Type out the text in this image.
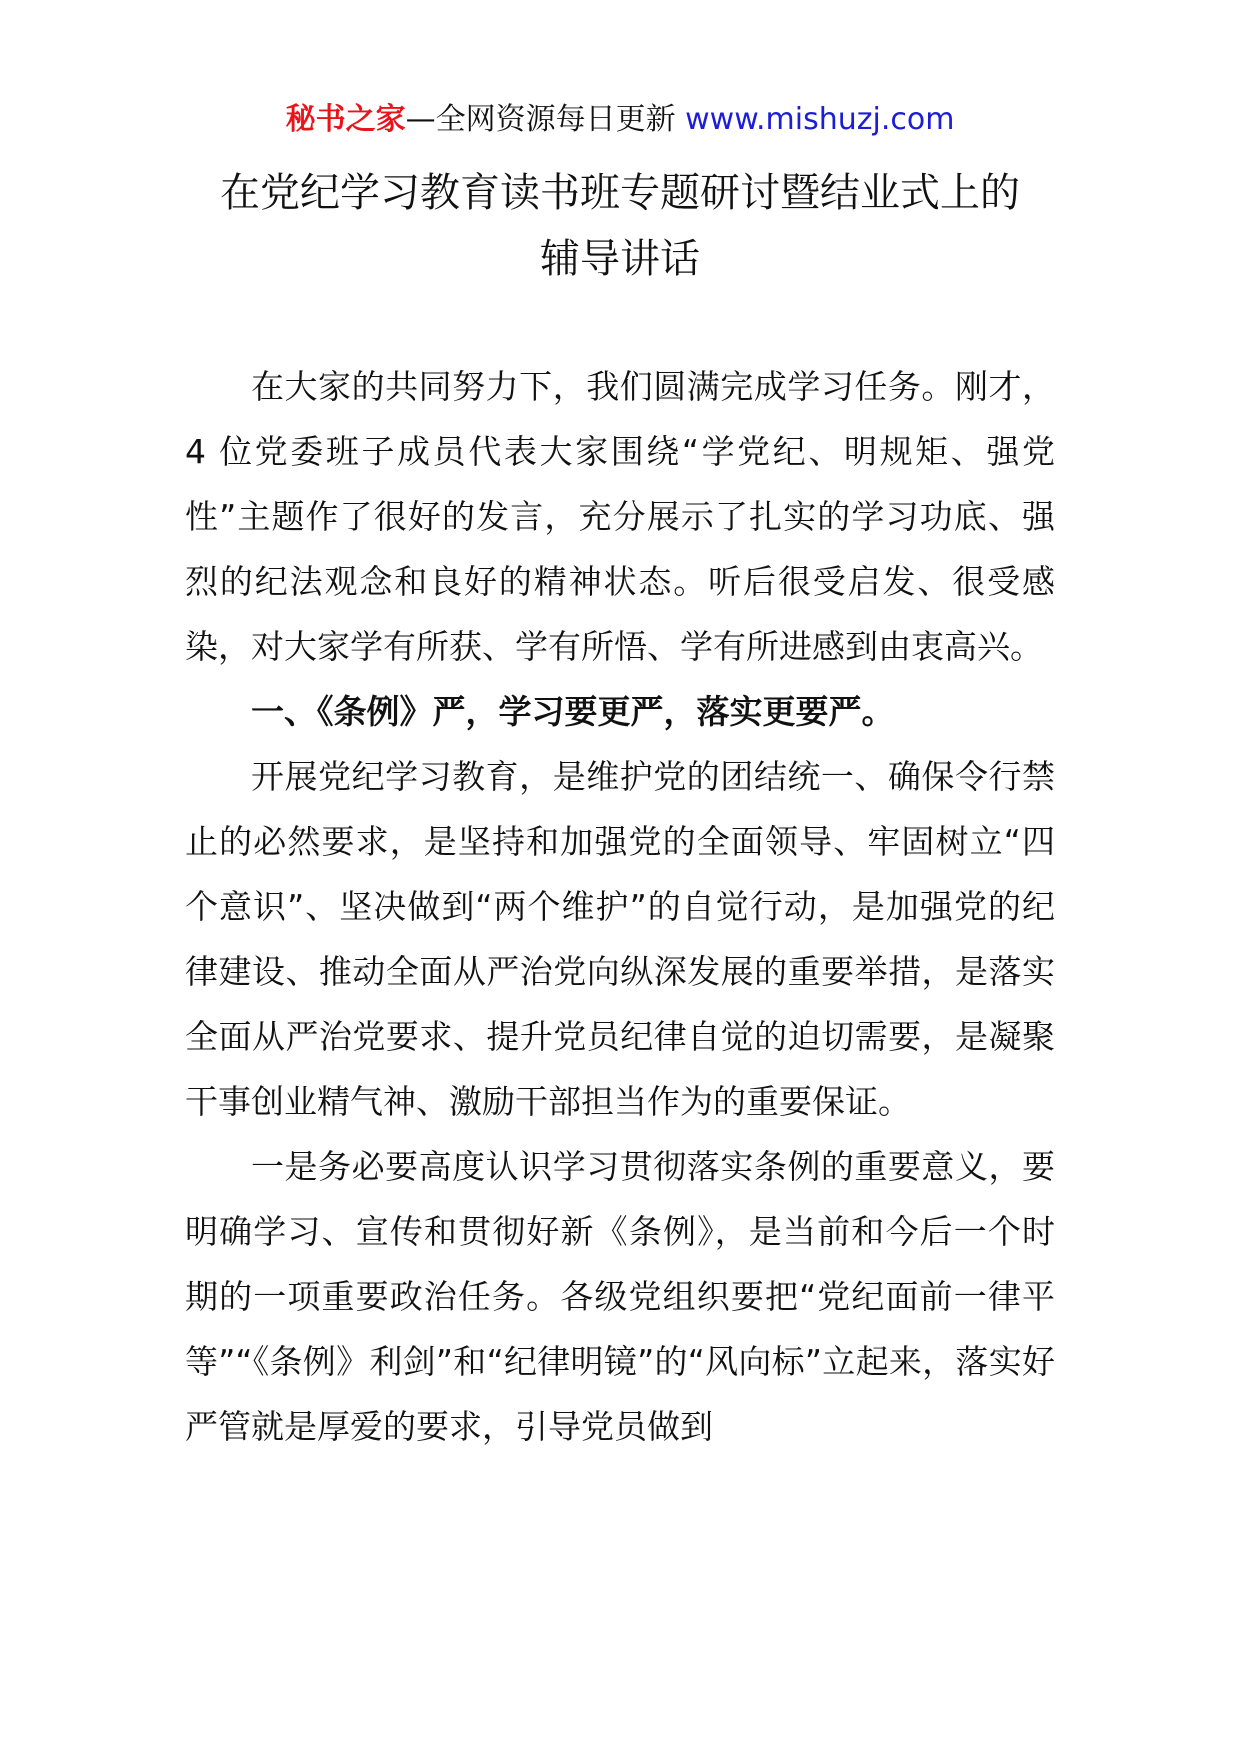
秘书之家—全网资源每日更新 www.mishuzj.com
在党纪学习教育读书班专题研讨暨结业式上的
辅导讲话

在大家的共同努力下，我们圆满完成学习任务。刚才，4 位党委班子成员代表大家围绕“学党纪、明规矩、强党性”主题作了很好的发言，充分展示了扎实的学习功底、强烈的纪法观念和良好的精神状态。听后很受启发、很受感染，对大家学有所获、学有所悟、学有所进感到由衷高兴。

一、《条例》严，学习要更严，落实更要严。

开展党纪学习教育，是维护党的团结统一、确保令行禁止的必然要求，是坚持和加强党的全面领导、牢固树立“四个意识”、坚决做到“两个维护”的自觉行动，是加强党的纪律建设、推动全面从严治党向纵深发展的重要举措，是落实全面从严治党要求、提升党员纪律自觉的迫切需要，是凝聚干事创业精气神、激励干部担当作为的重要保证。

一是务必要高度认识学习贯彻落实条例的重要意义，要明确学习、宣传和贯彻好新《条例》，是当前和今后一个时期的一项重要政治任务。各级党组织要把“党纪面前一律平等”“《条例》利剑”和“纪律明镜”的“风向标”立起来，落实好严管就是厚爱的要求，引导党员做到
